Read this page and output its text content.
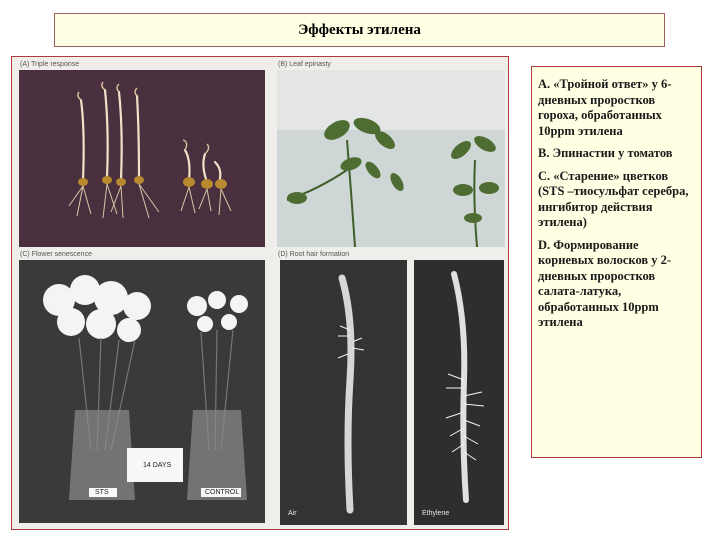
Эффекты этилена
(A) Triple response	(B) Leaf epinasty
(C) Flower senescence	(D) Root hair formation
14 DAYS
STS	CONTROL
Air	Ethylene

A. «Тройной ответ» у 6-дневных проростков гороха, обработанных 10ppm этилена

В. Эпинастии у томатов

С. «Старение» цветков (STS –тиосульфат серебра, ингибитор действия этилена)

D. Формирование корневых волосков у 2-дневных проростков салата-латука, обработанных 10ppm этилена
